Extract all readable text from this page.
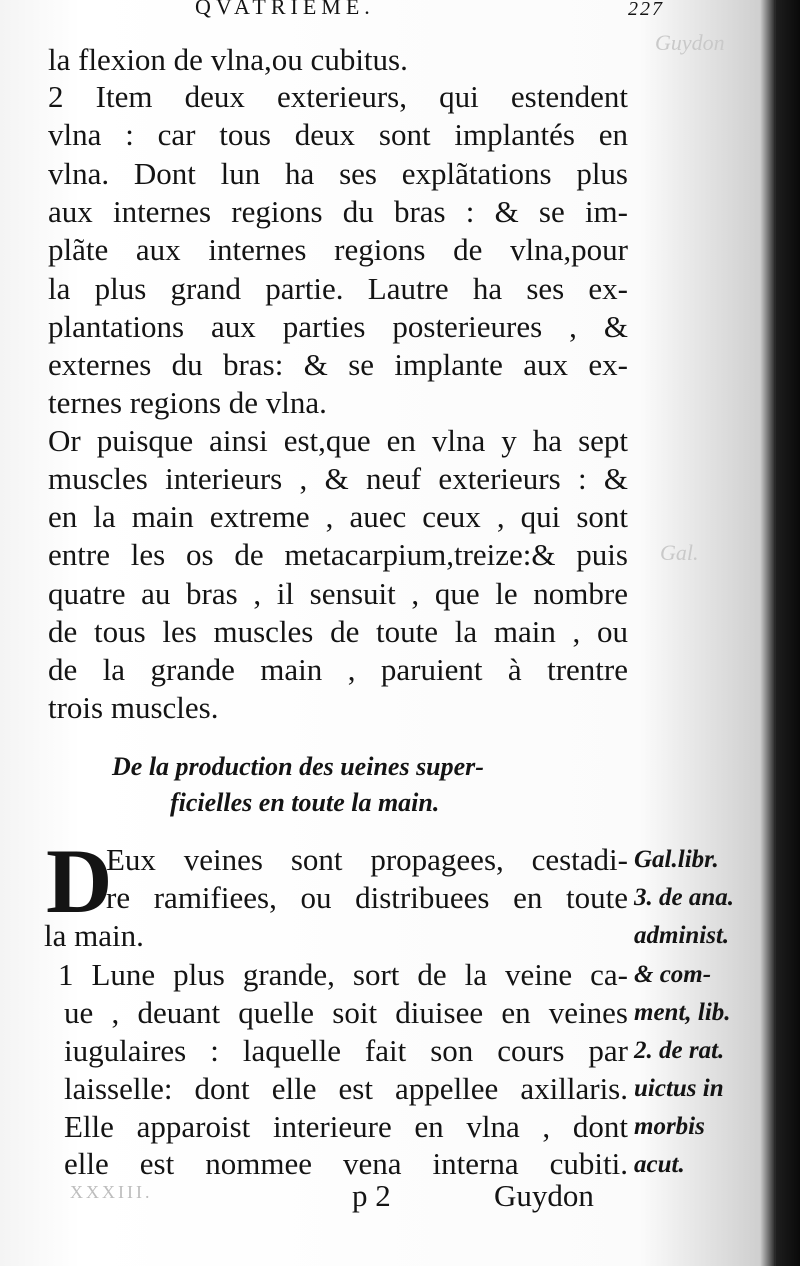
Guydon
Gal.
QVATRIEME.	227
la flexion de vlna,ou cubitus.
2 Item deux exterieurs, qui estendent
vlna : car tous deux sont implantés en
vlna. Dont lun ha ses explãtations plus
aux internes regions du bras : & se im-
plãte aux internes regions de vlna,pour
la plus grand partie. Lautre ha ses ex-
plantations aux parties posterieures , &
externes du bras: & se implante aux ex-
ternes regions de vlna.
Or puisque ainsi est,que en vlna y ha sept
muscles interieurs , & neuf exterieurs : &
en la main extreme , auec ceux , qui sont
entre les os de metacarpium,treize:& puis
quatre au bras , il sensuit , que le nombre
de tous les muscles de toute la main , ou
de la grande main , paruient à trentre
trois muscles.
De la production des ueines super-
ficielles en toute la main.
D
Eux veines sont propagees, cestadi-
re ramifiees, ou distribuees en toute
la main.
1 Lune plus grande, sort de la veine ca-
ue , deuant quelle soit diuisee en veines
iugulaires : laquelle fait son cours par
laisselle: dont elle est appellee axillaris.
Elle apparoist interieure en vlna , dont
elle est nommee vena interna cubiti.
Gal.libr.
3. de ana.
administ.
& com-
ment, lib.
2. de rat.
uictus in
morbis
acut.
XXXIII.	p 2	Guydon
